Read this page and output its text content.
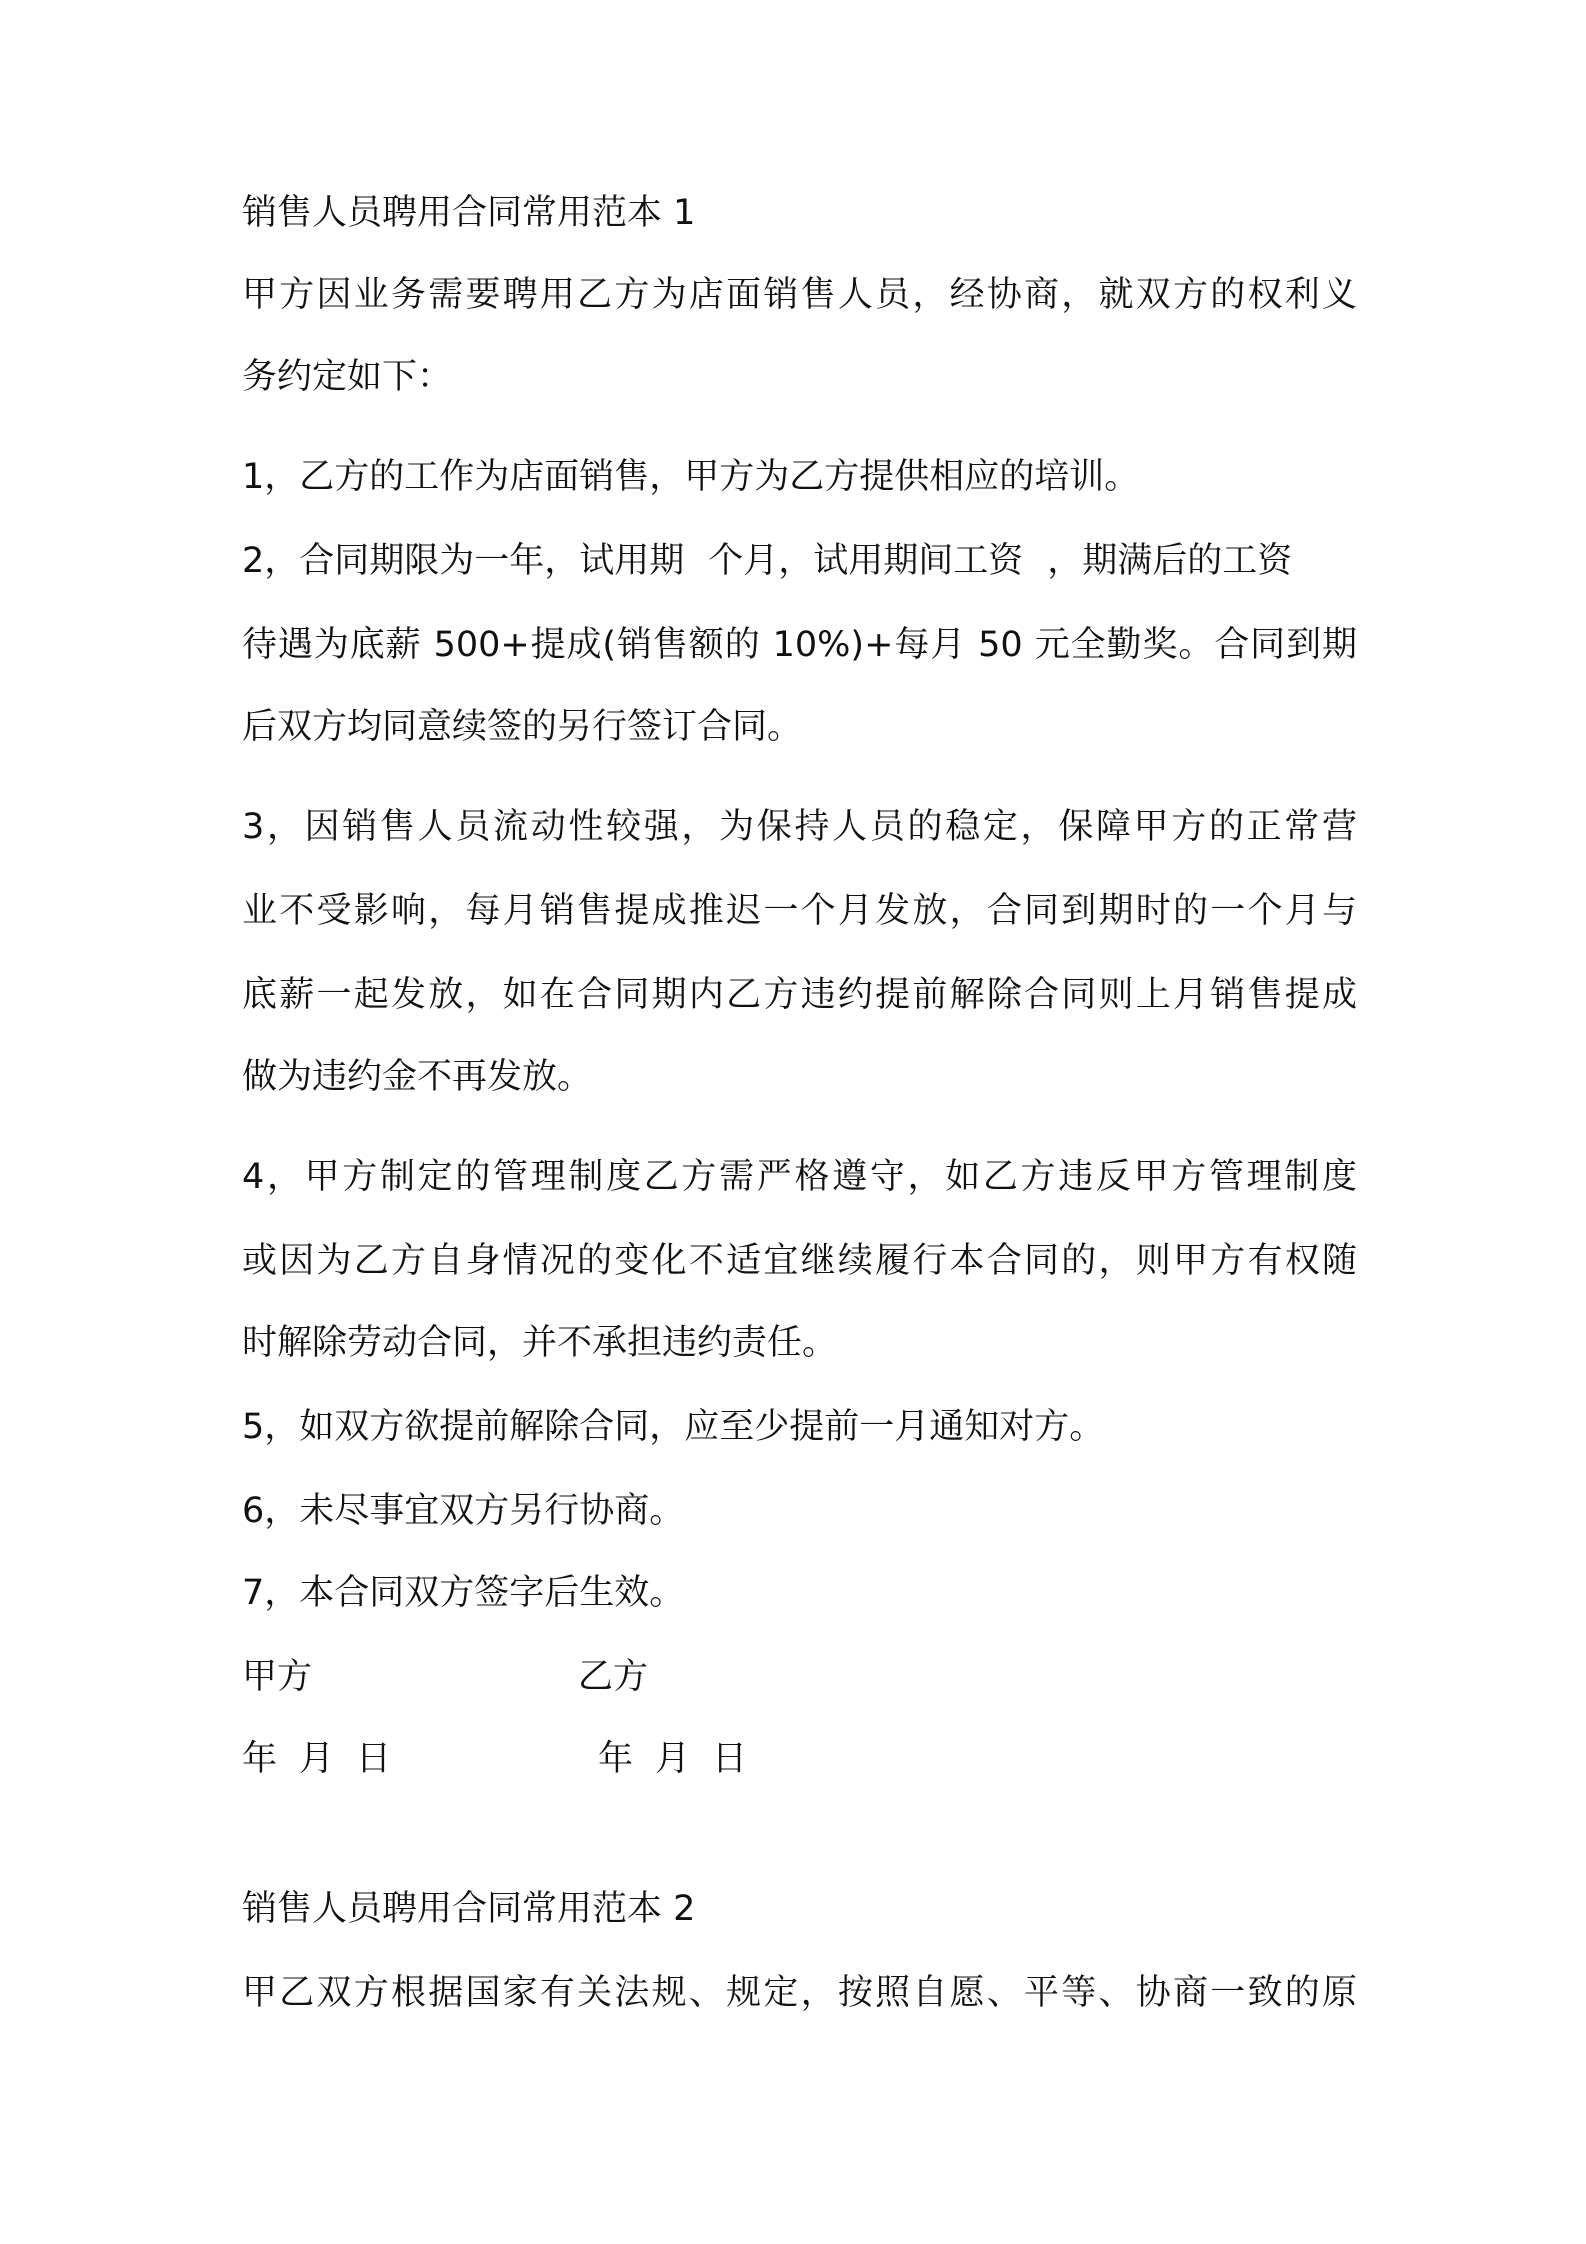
销售人员聘用合同常用范本 1
甲方因业务需要聘用乙方为店面销售人员，经协商，就双方的权利义
务约定如下：
1，乙方的工作为店面销售，甲方为乙方提供相应的培训。
2，合同期限为一年，试用期 个月，试用期间工资 ，期满后的工资
待遇为底薪 500+提成(销售额的 10%)+每月 50 元全勤奖。合同到期
后双方均同意续签的另行签订合同。
3，因销售人员流动性较强，为保持人员的稳定，保障甲方的正常营
业不受影响，每月销售提成推迟一个月发放，合同到期时的一个月与
底薪一起发放，如在合同期内乙方违约提前解除合同则上月销售提成
做为违约金不再发放。
4，甲方制定的管理制度乙方需严格遵守，如乙方违反甲方管理制度
或因为乙方自身情况的变化不适宜继续履行本合同的，则甲方有权随
时解除劳动合同，并不承担违约责任。
5，如双方欲提前解除合同，应至少提前一月通知对方。
6，未尽事宜双方另行协商。
7，本合同双方签字后生效。
甲方	乙方
年 月 日	年 月 日
销售人员聘用合同常用范本 2
甲乙双方根据国家有关法规、规定，按照自愿、平等、协商一致的原
